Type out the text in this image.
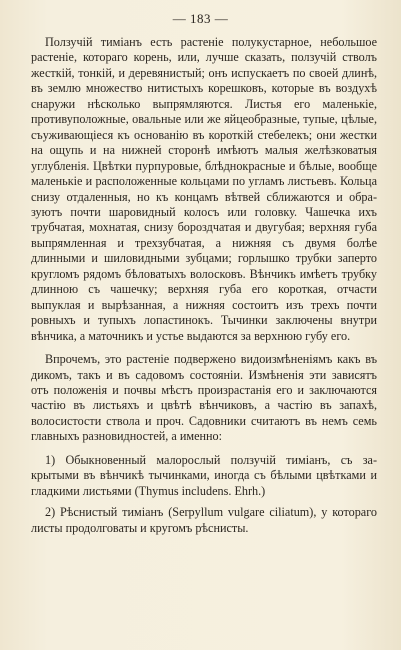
— 183 —

Ползучій тиміанъ есть растеніе полукустарное, небольшое растеніе, котораго корень, или, лучше сказать, ползучій стволъ жесткій, тонкій, и деревянистый; онъ испускаетъ по своей длинѣ, въ землю множество нитистыхъ корешковъ, которые въ воздухѣ снаружи нѣсколько выпрямляются. Листья его маленькіе, противуположные, овальные или же яйцеобразные, тупые, цѣлые, съуживающіеся къ основанію въ короткій стебелекъ; они жестки на ощупь и на нижней сторонѣ имѣютъ малыя желѣзковатыя углубленія. Цвѣтки пурпуровые, блѣднокрасные и бѣлые, вообще маленькіе и расположенные кольцами по угламъ листьевъ. Кольца снизу отдаленныя, но къ концамъ вѣтвей сближаются и образуютъ почти шаровидный колосъ или головку. Чашечка ихъ трубчатая, мохнатая, снизу бороздчатая и двугубая; верхняя губа выпрямленная и трехзубчатая, а нижняя съ двумя болѣе длинными и шиловидными зубцами; горлышко трубки заперто кругломъ рядомъ бѣловатыхъ волосковъ. Вѣнчикъ имѣетъ трубку длинною съ чашечку; верхняя губа его короткая, отчасти выпуклая и вырѣзанная, а нижняя состоитъ изъ трехъ почти ровныхъ и тупыхъ лопастинокъ. Тычинки заключены внутри вѣнчика, а маточникъ и устье выдаются за верхнюю губу его.

Впрочемъ, это растеніе подвержено видоизмѣненіямъ какъ въ дикомъ, такъ и въ садовомъ состояніи. Измѣненія эти зависятъ отъ положенія и почвы мѣстъ произрастанія его и заключаются частію въ листьяхъ и цвѣтѣ вѣнчиковъ, а частію въ запахѣ, волосистости ствола и проч. Садовники считаютъ въ немъ семь главныхъ разновидностей, а именно:

1) Обыкновенный малорослый ползучій тиміанъ, съ закрытыми въ вѣнчикѣ тычинками, иногда съ бѣлыми цвѣтками и гладкими листьями (Thymus includens. Ehrh.)

2) Рѣснистый тиміанъ (Serpyllum vulgare ciliatum), у котораго листы продолговаты и кругомъ рѣснисты.
